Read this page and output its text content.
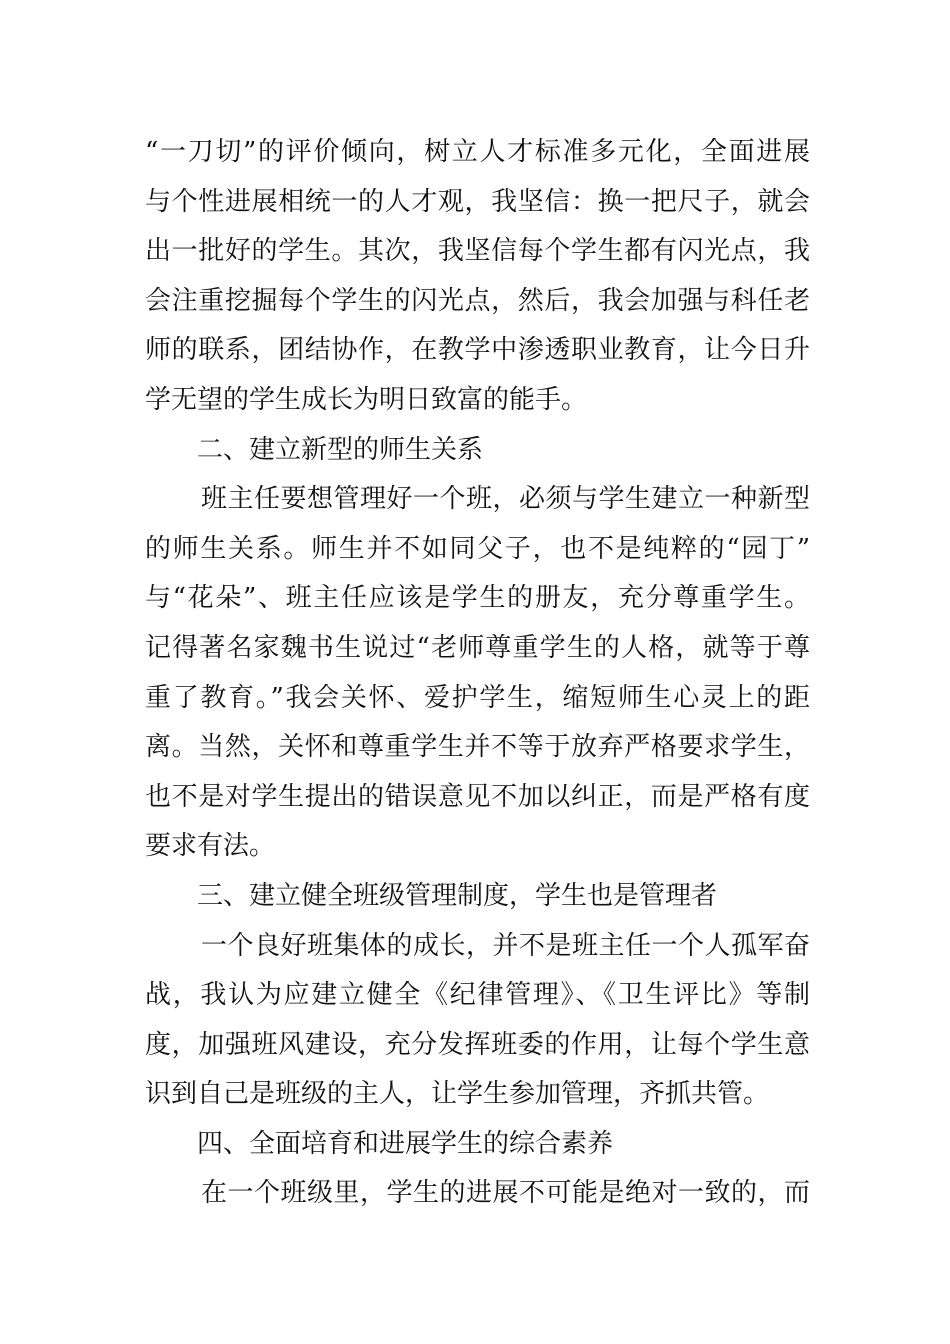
“一刀切”的评价倾向，树立人才标准多元化，全面进展
与个性进展相统一的人才观，我坚信：换一把尺子，就会
出一批好的学生。其次，我坚信每个学生都有闪光点，我
会注重挖掘每个学生的闪光点，然后，我会加强与科任老
师的联系，团结协作，在教学中渗透职业教育，让今日升
学无望的学生成长为明日致富的能手。
二、建立新型的师生关系
班主任要想管理好一个班，必须与学生建立一种新型
的师生关系。师生并不如同父子，也不是纯粹的“园丁”
与“花朵”、班主任应该是学生的册友，充分尊重学生。
记得著名家魏书生说过“老师尊重学生的人格，就等于尊
重了教育。”我会关怀、爱护学生，缩短师生心灵上的距
离。当然，关怀和尊重学生并不等于放弃严格要求学生，
也不是对学生提出的错误意见不加以纠正，而是严格有度
要求有法。
三、建立健全班级管理制度，学生也是管理者
一个良好班集体的成长，并不是班主任一个人孤军奋
战，我认为应建立健全《纪律管理》、《卫生评比》等制
度，加强班风建设，充分发挥班委的作用，让每个学生意
识到自己是班级的主人，让学生参加管理，齐抓共管。
四、全面培育和进展学生的综合素养
在一个班级里，学生的进展不可能是绝对一致的，而
